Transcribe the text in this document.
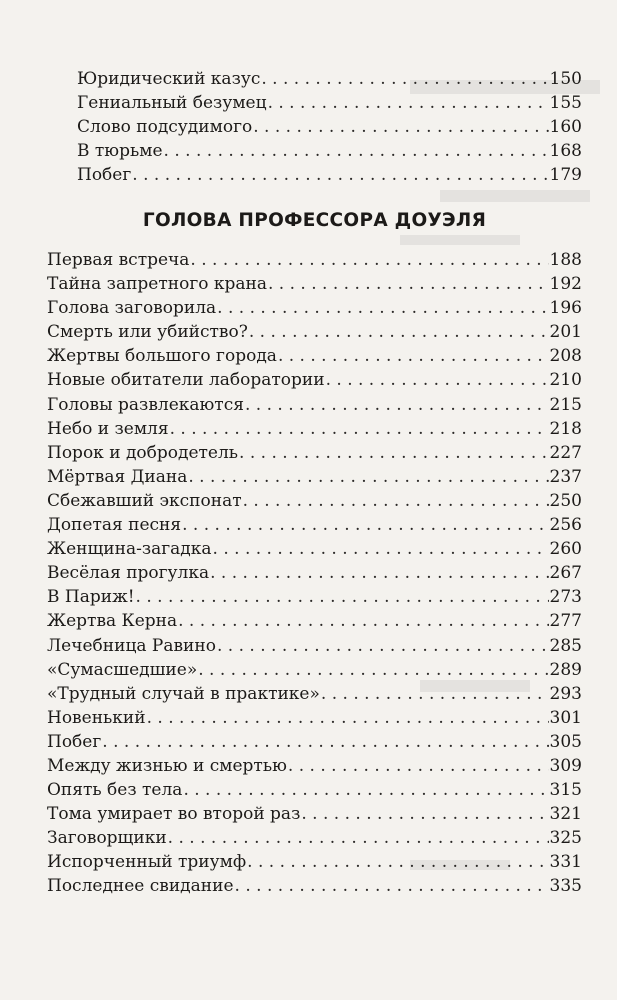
Юридический казус . . .	150
Гениальный безумец . . .	155
Слово подсудимого . . .	160
В тюрьме . . .	168
Побег . . .	179
ГОЛОВА ПРОФЕССОРА ДОУЭЛЯ
Первая встреча . . .	188
Тайна запретного крана . . .	192
Голова заговорила . . .	196
Смерть или убийство? . . .	201
Жертвы большого города . . .	208
Новые обитатели лаборатории . . .	210
Головы развлекаются . . .	215
Небо и земля . . .	218
Порок и добродетель . . .	227
Мёртвая Диана . . .	237
Сбежавший экспонат . . .	250
Допетая песня . . .	256
Женщина-загадка . . .	260
Весёлая прогулка . . .	267
В Париж! . . .	273
Жертва Керна . . .	277
Лечебница Равино . . .	285
«Сумасшедшие» . . .	289
«Трудный случай в практике» . . .	293
Новенький . . .	301
Побег . . .	305
Между жизнью и смертью . . .	309
Опять без тела . . .	315
Тома умирает во второй раз . . .	321
Заговорщики . . .	325
Испорченный триумф . . .	331
Последнее свидание . . .	335
